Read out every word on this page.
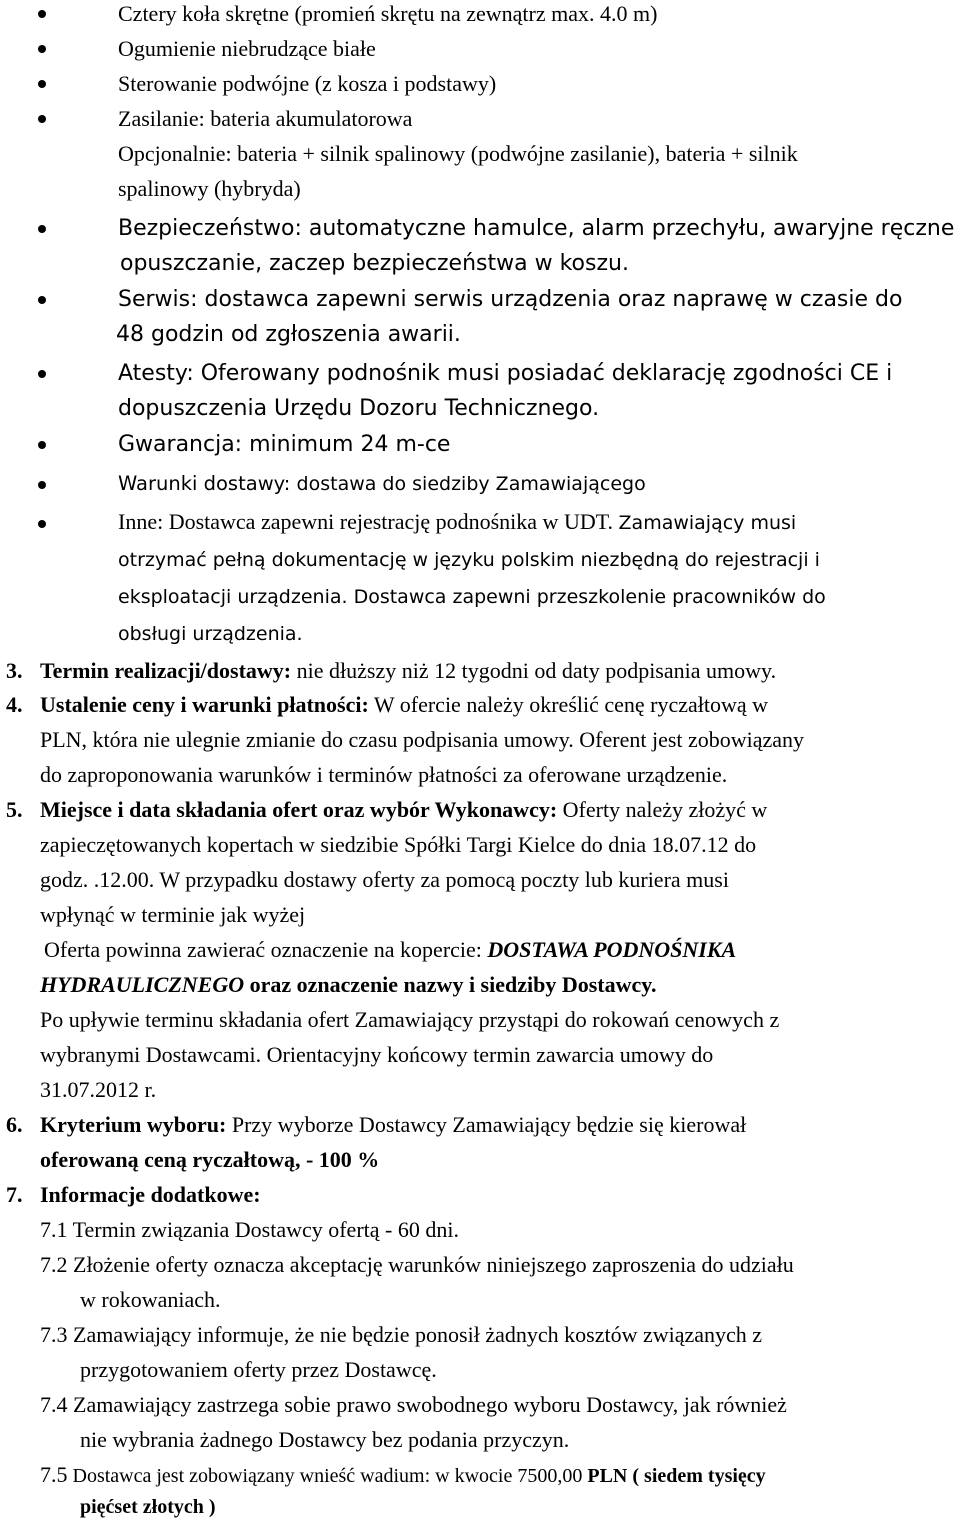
Cztery koła skrętne (promień skrętu na zewnątrz max. 4.0 m)
Ogumienie niebrudzące białe
Sterowanie podwójne (z kosza i podstawy)
Zasilanie: bateria akumulatorowa
Opcjonalnie: bateria + silnik spalinowy (podwójne zasilanie), bateria + silnik
spalinowy (hybryda)
Bezpieczeństwo: automatyczne hamulce, alarm przechyłu, awaryjne ręczne
opuszczanie, zaczep bezpieczeństwa w koszu.
Serwis: dostawca zapewni serwis urządzenia oraz naprawę w czasie do
48 godzin od zgłoszenia awarii.
Atesty: Oferowany podnośnik musi posiadać deklarację zgodności CE i
dopuszczenia Urzędu Dozoru Technicznego.
Gwarancja: minimum 24 m-ce
Warunki dostawy: dostawa do siedziby Zamawiającego
Inne: Dostawca zapewni rejestrację podnośnika w UDT. Zamawiający musi
otrzymać pełną dokumentację w języku polskim niezbędną do rejestracji i
eksploatacji urządzenia. Dostawca zapewni przeszkolenie pracowników do
obsługi urządzenia.
3. Termin realizacji/dostawy: nie dłuższy niż 12 tygodni od daty podpisania umowy.
4. Ustalenie ceny i warunki płatności: W ofercie należy określić cenę ryczałtową w
PLN, która nie ulegnie zmianie do czasu podpisania umowy. Oferent jest zobowiązany
do zaproponowania warunków i terminów płatności za oferowane urządzenie.
5. Miejsce i data składania ofert oraz wybór Wykonawcy: Oferty należy złożyć w
zapieczętowanych kopertach w siedzibie Spółki Targi Kielce do dnia 18.07.12 do
godz. .12.00. W przypadku dostawy oferty za pomocą poczty lub kuriera musi
wpłynąć w terminie jak wyżej
Oferta powinna zawierać oznaczenie na kopercie: DOSTAWA PODNOŚNIKA
HYDRAULICZNEGO oraz oznaczenie nazwy i siedziby Dostawcy.
Po upływie terminu składania ofert Zamawiający przystąpi do rokowań cenowych z
wybranymi Dostawcami. Orientacyjny końcowy termin zawarcia umowy do
31.07.2012 r.
6. Kryterium wyboru: Przy wyborze Dostawcy Zamawiający będzie się kierował
oferowaną ceną ryczałtową, - 100 %
7. Informacje dodatkowe:
7.1 Termin związania Dostawcy ofertą - 60 dni.
7.2 Złożenie oferty oznacza akceptację warunków niniejszego zaproszenia do udziału
w rokowaniach.
7.3 Zamawiający informuje, że nie będzie ponosił żadnych kosztów związanych z
przygotowaniem oferty przez Dostawcę.
7.4 Zamawiający zastrzega sobie prawo swobodnego wyboru Dostawcy, jak również
nie wybrania żadnego Dostawcy bez podania przyczyn.
7.5 Dostawca jest zobowiązany wnieść wadium: w kwocie 7500,00 PLN ( siedem tysięcy
pięćset złotych )
